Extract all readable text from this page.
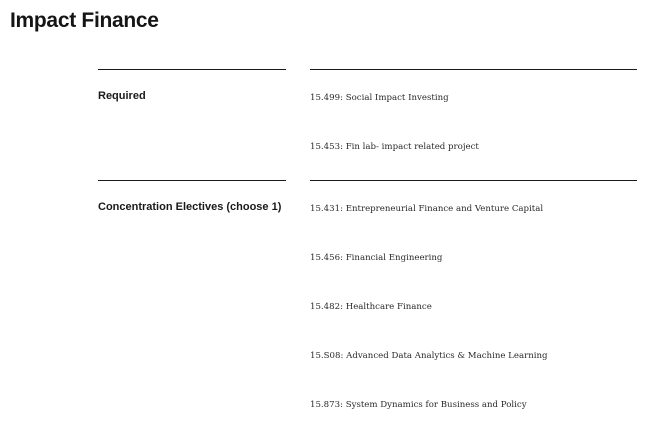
Impact Finance
Required	15.499: Social Impact Investing
15.453: Fin lab- impact related project
Concentration Electives (choose 1)	15.431: Entrepreneurial Finance and Venture Capital
15.456: Financial Engineering
15.482: Healthcare Finance
15.S08: Advanced Data Analytics & Machine Learning
15.873: System Dynamics for Business and Policy
